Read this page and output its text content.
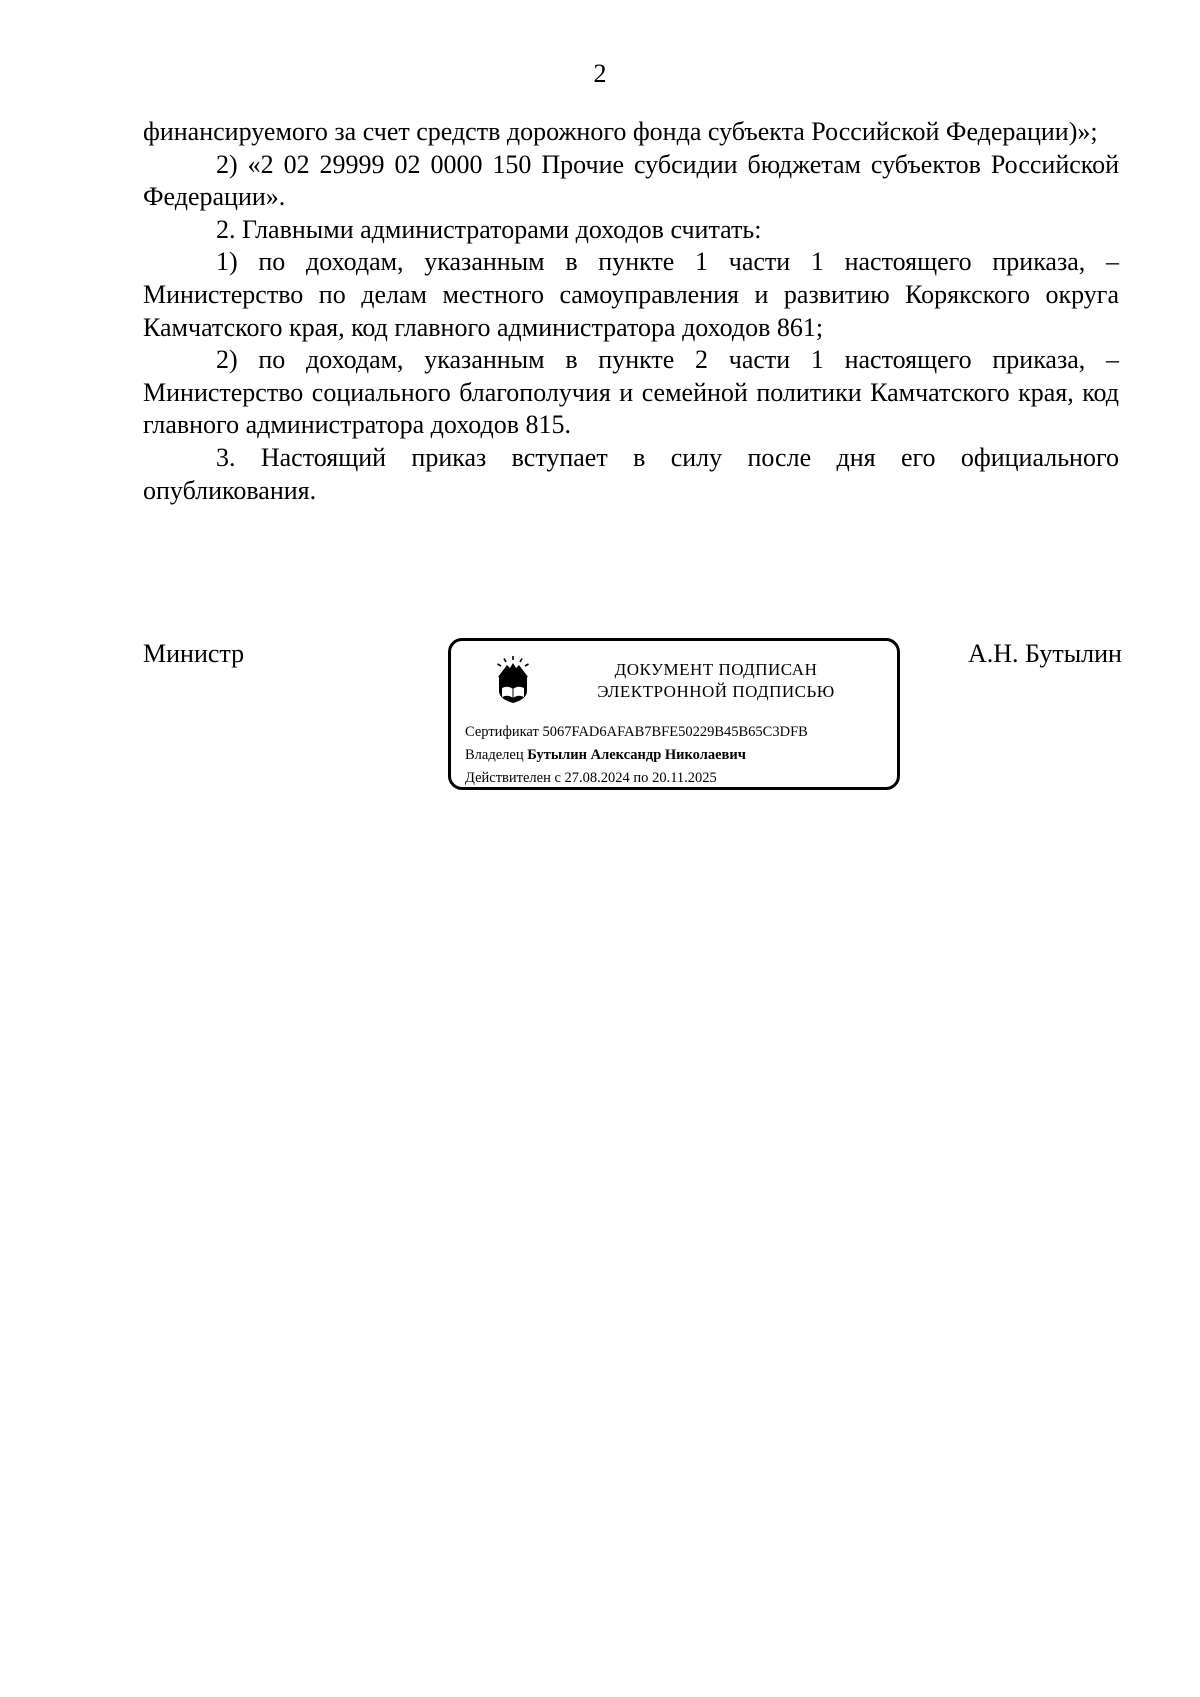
2

финансируемого за счет средств дорожного фонда субъекта Российской Федерации)»;

2) «2 02 29999 02 0000 150 Прочие субсидии бюджетам субъектов Российской Федерации».

2. Главными администраторами доходов считать:

1) по доходам, указанным в пункте 1 части 1 настоящего приказа, – Министерство по делам местного самоуправления и развитию Корякского округа Камчатского края, код главного администратора доходов 861;

2) по доходам, указанным в пункте 2 части 1 настоящего приказа, – Министерство социального благополучия и семейной политики Камчатского края, код главного администратора доходов 815.

3. Настоящий приказ вступает в силу после дня его официального опубликования.

Министр
ДОКУМЕНТ ПОДПИСАН
ЭЛЕКТРОННОЙ ПОДПИСЬЮ
Сертификат 5067FAD6AFAB7BFE50229B45B65C3DFB
Владелец Бутылин Александр Николаевич
Действителен с 27.08.2024 по 20.11.2025
А.Н. Бутылин
